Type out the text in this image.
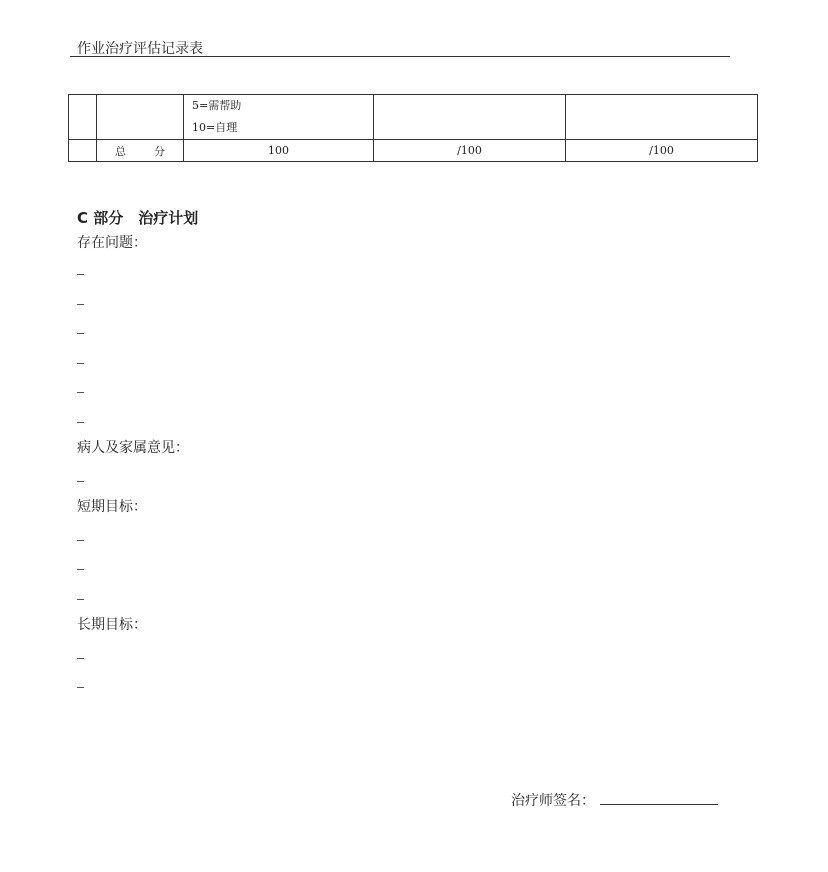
作业治疗评估记录表

		5=需帮助
10=自理		

	总 分	100	/100	/100
C 部分　治疗计划
存在问题：
病人及家属意见：
短期目标：
长期目标：
治疗师签名：
